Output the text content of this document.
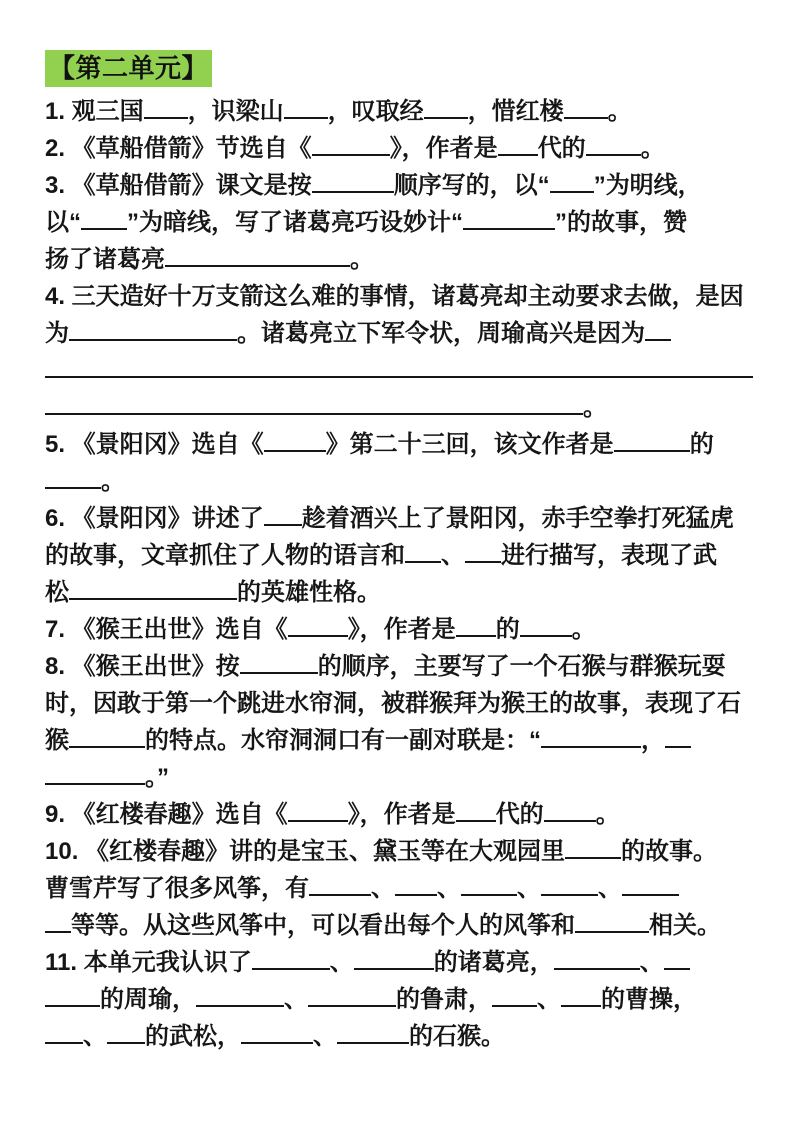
【第二单元】
1. 观三国 ，识梁山 ，叹取经 ，惜红楼 。
2. 《草船借箭》节选自《	》，作者是 代的 。
3. 《草船借箭》课文是按	顺序写的，以“ ”为明线，
以“ ”为暗线，写了诸葛亮巧设妙计“	”的故事，赞
扬了诸葛亮	。
4. 三天造好十万支箭这么难的事情，诸葛亮却主动要求去做，是因
为	。诸葛亮立下军令状，周瑜高兴是因为
。
5. 《景阳冈》选自《	》第二十三回，该文作者是	的
。
6. 《景阳冈》讲述了 趁着酒兴上了景阳冈，赤手空拳打死猛虎
的故事，文章抓住了人物的语言和 、 进行描写，表现了武
松	的英雄性格。
7. 《猴王出世》选自《	》，作者是 的 。
8. 《猴王出世》按	的顺序，主要写了一个石猴与群猴玩耍
时，因敢于第一个跳进水帘洞，被群猴拜为猴王的故事，表现了石
猴	的特点。水帘洞洞口有一副对联是：“	，
。”
9. 《红楼春趣》选自《	》，作者是 代的 。
10. 《红楼春趣》讲的是宝玉、黛玉等在大观园里 的故事。
曹雪芹写了很多风筝，有	、 、 、 、
等等。从这些风筝中，可以看出每个人的风筝和	相关。
11. 本单元我认识了	、	的诸葛亮，	、
的周瑜，	、	的鲁肃， 、 的曹操，
、 的武松，	、	的石猴。
